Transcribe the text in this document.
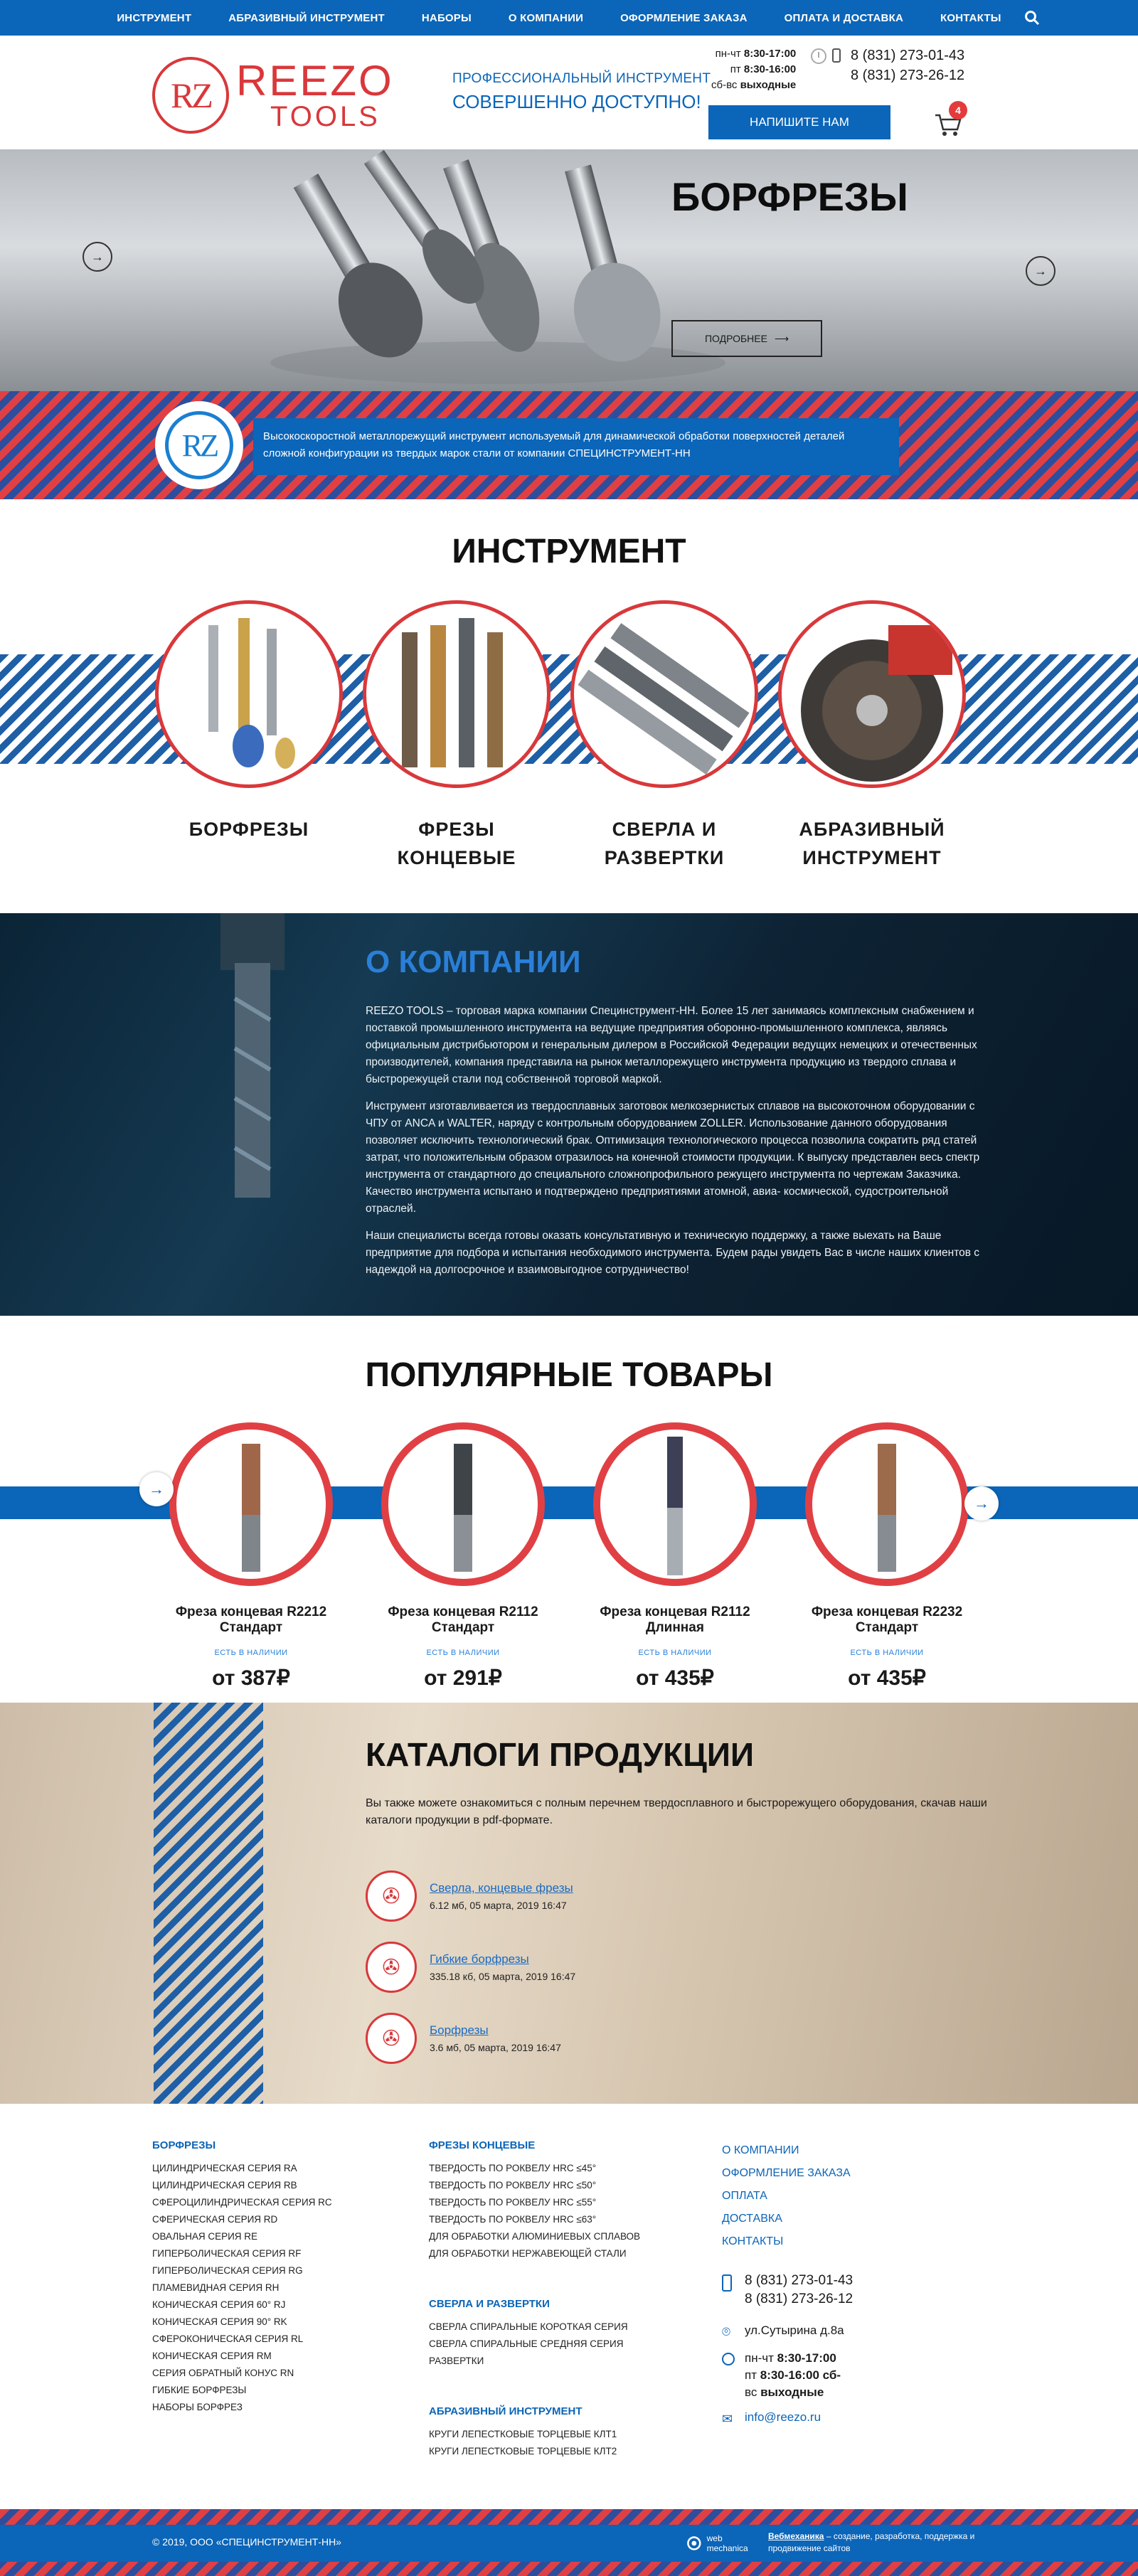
ИНСТРУМЕНТ	АБРАЗИВНЫЙ ИНСТРУМЕНТ	НАБОРЫ	О КОМПАНИИ	ОФОРМЛЕНИЕ ЗАКАЗА	ОПЛАТА И ДОСТАВКА	КОНТАКТЫ
RZ REEZO
TOOLS
ПРОФЕССИОНАЛЬНЫЙ ИНСТРУМЕНТ
СОВЕРШЕННО ДОСТУПНО!
пн-чт 8:30-17:00
пт 8:30-16:00
сб-вс выходные
8 (831) 273-01-43
8 (831) 273-26-12
НАПИШИТЕ НАМ
4
БОРФРЕЗЫ
ПОДРОБНЕЕ ⟶
→
→
RZ	Высокоскоростной металлорежущий инструмент используемый для динамической обработки поверхностей деталей сложной конфигурации из твердых марок стали от компании СПЕЦИНСТРУМЕНТ-НН
ИНСТРУМЕНТ
БОРФРЕЗЫ	ФРЕЗЫ КОНЦЕВЫЕ
СВЕРЛА И РАЗВЕРТКИ
АБРАЗИВНЫЙ ИНСТРУМЕНТ
О КОМПАНИИ

REEZO TOOLS – торговая марка компании Специнструмент-НН. Более 15 лет занимаясь комплексным снабжением и поставкой промышленного инструмента на ведущие предприятия оборонно-промышленного комплекса, являясь официальным дистрибьютором и генеральным дилером в Российской Федерации ведущих немецких и отечественных производителей, компания представила на рынок металлорежущего инструмента продукцию из твердого сплава и быстрорежущей стали под собственной торговой маркой.

Инструмент изготавливается из твердосплавных заготовок мелкозернистых сплавов на высокоточном оборудовании с ЧПУ от ANCA и WALTER, наряду с контрольным оборудованием ZOLLER. Использование данного оборудования позволяет исключить технологический брак. Оптимизация технологического процесса позволила сократить ряд статей затрат, что положительным образом отразилось на конечной стоимости продукции. К выпуску представлен весь спектр инструмента от стандартного до специального сложнопрофильного режущего инструмента по чертежам Заказчика. Качество инструмента испытано и подтверждено предприятиями атомной, авиа- космической, судостроительной отраслей.

Наши специалисты всегда готовы оказать консультативную и техническую поддержку, а также выехать на Ваше предприятие для подбора и испытания необходимого инструмента. Будем рады увидеть Вас в числе наших клиентов с надеждой на долгосрочное и взаимовыгодное сотрудничество!

ПОПУЛЯРНЫЕ ТОВАРЫ
Фреза концевая R2212 Стандарт
ЕСТЬ В НАЛИЧИИ
от 387₽
Фреза концевая R2112 Стандарт
ЕСТЬ В НАЛИЧИИ
от 291₽
Фреза концевая R2112 Длинная
ЕСТЬ В НАЛИЧИИ
от 435₽
Фреза концевая R2232 Стандарт
ЕСТЬ В НАЛИЧИИ
от 435₽
→
→
КАТАЛОГИ ПРОДУКЦИИ
Вы также можете ознакомиться с полным перечнем твердосплавного и быстрорежущего оборудования, скачав наши каталоги продукции в pdf-формате.
✇	Сверла, концевые фрезы
6.12 мб, 05 марта, 2019 16:47
✇	Гибкие борфрезы
335.18 кб, 05 марта, 2019 16:47
✇	Борфрезы
3.6 мб, 05 марта, 2019 16:47
БОРФРЕЗЫ
ЦИЛИНДРИЧЕСКАЯ СЕРИЯ RA
ЦИЛИНДРИЧЕСКАЯ СЕРИЯ RB
СФЕРОЦИЛИНДРИЧЕСКАЯ СЕРИЯ RC
СФЕРИЧЕСКАЯ СЕРИЯ RD
ОВАЛЬНАЯ СЕРИЯ RE
ГИПЕРБОЛИЧЕСКАЯ СЕРИЯ RF
ГИПЕРБОЛИЧЕСКАЯ СЕРИЯ RG
ПЛАМЕВИДНАЯ СЕРИЯ RH
КОНИЧЕСКАЯ СЕРИЯ 60° RJ
КОНИЧЕСКАЯ СЕРИЯ 90° RK
СФЕРОКОНИЧЕСКАЯ СЕРИЯ RL
КОНИЧЕСКАЯ СЕРИЯ RM
СЕРИЯ ОБРАТНЫЙ КОНУС RN
ГИБКИЕ БОРФРЕЗЫ
НАБОРЫ БОРФРЕЗ
ФРЕЗЫ КОНЦЕВЫЕ
ТВЕРДОСТЬ ПО РОКВЕЛУ HRC ≤45°
ТВЕРДОСТЬ ПО РОКВЕЛУ HRC ≤50°
ТВЕРДОСТЬ ПО РОКВЕЛУ HRC ≤55°
ТВЕРДОСТЬ ПО РОКВЕЛУ HRC ≤63°
ДЛЯ ОБРАБОТКИ АЛЮМИНИЕВЫХ СПЛАВОВ
ДЛЯ ОБРАБОТКИ НЕРЖАВЕЮЩЕЙ СТАЛИ
СВЕРЛА И РАЗВЕРТКИ
СВЕРЛА СПИРАЛЬНЫЕ КОРОТКАЯ СЕРИЯ
СВЕРЛА СПИРАЛЬНЫЕ СРЕДНЯЯ СЕРИЯ
РАЗВЕРТКИ
АБРАЗИВНЫЙ ИНСТРУМЕНТ
КРУГИ ЛЕПЕСТКОВЫЕ ТОРЦЕВЫЕ КЛТ1
КРУГИ ЛЕПЕСТКОВЫЕ ТОРЦЕВЫЕ КЛТ2
О КОМПАНИИ
ОФОРМЛЕНИЕ ЗАКАЗА
ОПЛАТА
ДОСТАВКА
КОНТАКТЫ
8 (831) 273-01-43
8 (831) 273-26-12
⌾ ул.Сутырина д.8а
пн-чт 8:30-17:00
пт 8:30-16:00 сб-
вс выходные
✉ info@reezo.ru
© 2019, ООО «СПЕЦИНСТРУМЕНТ-НН»	web mechanica
Вебмеханика – создание, разработка, поддержка и продвижение сайтов
